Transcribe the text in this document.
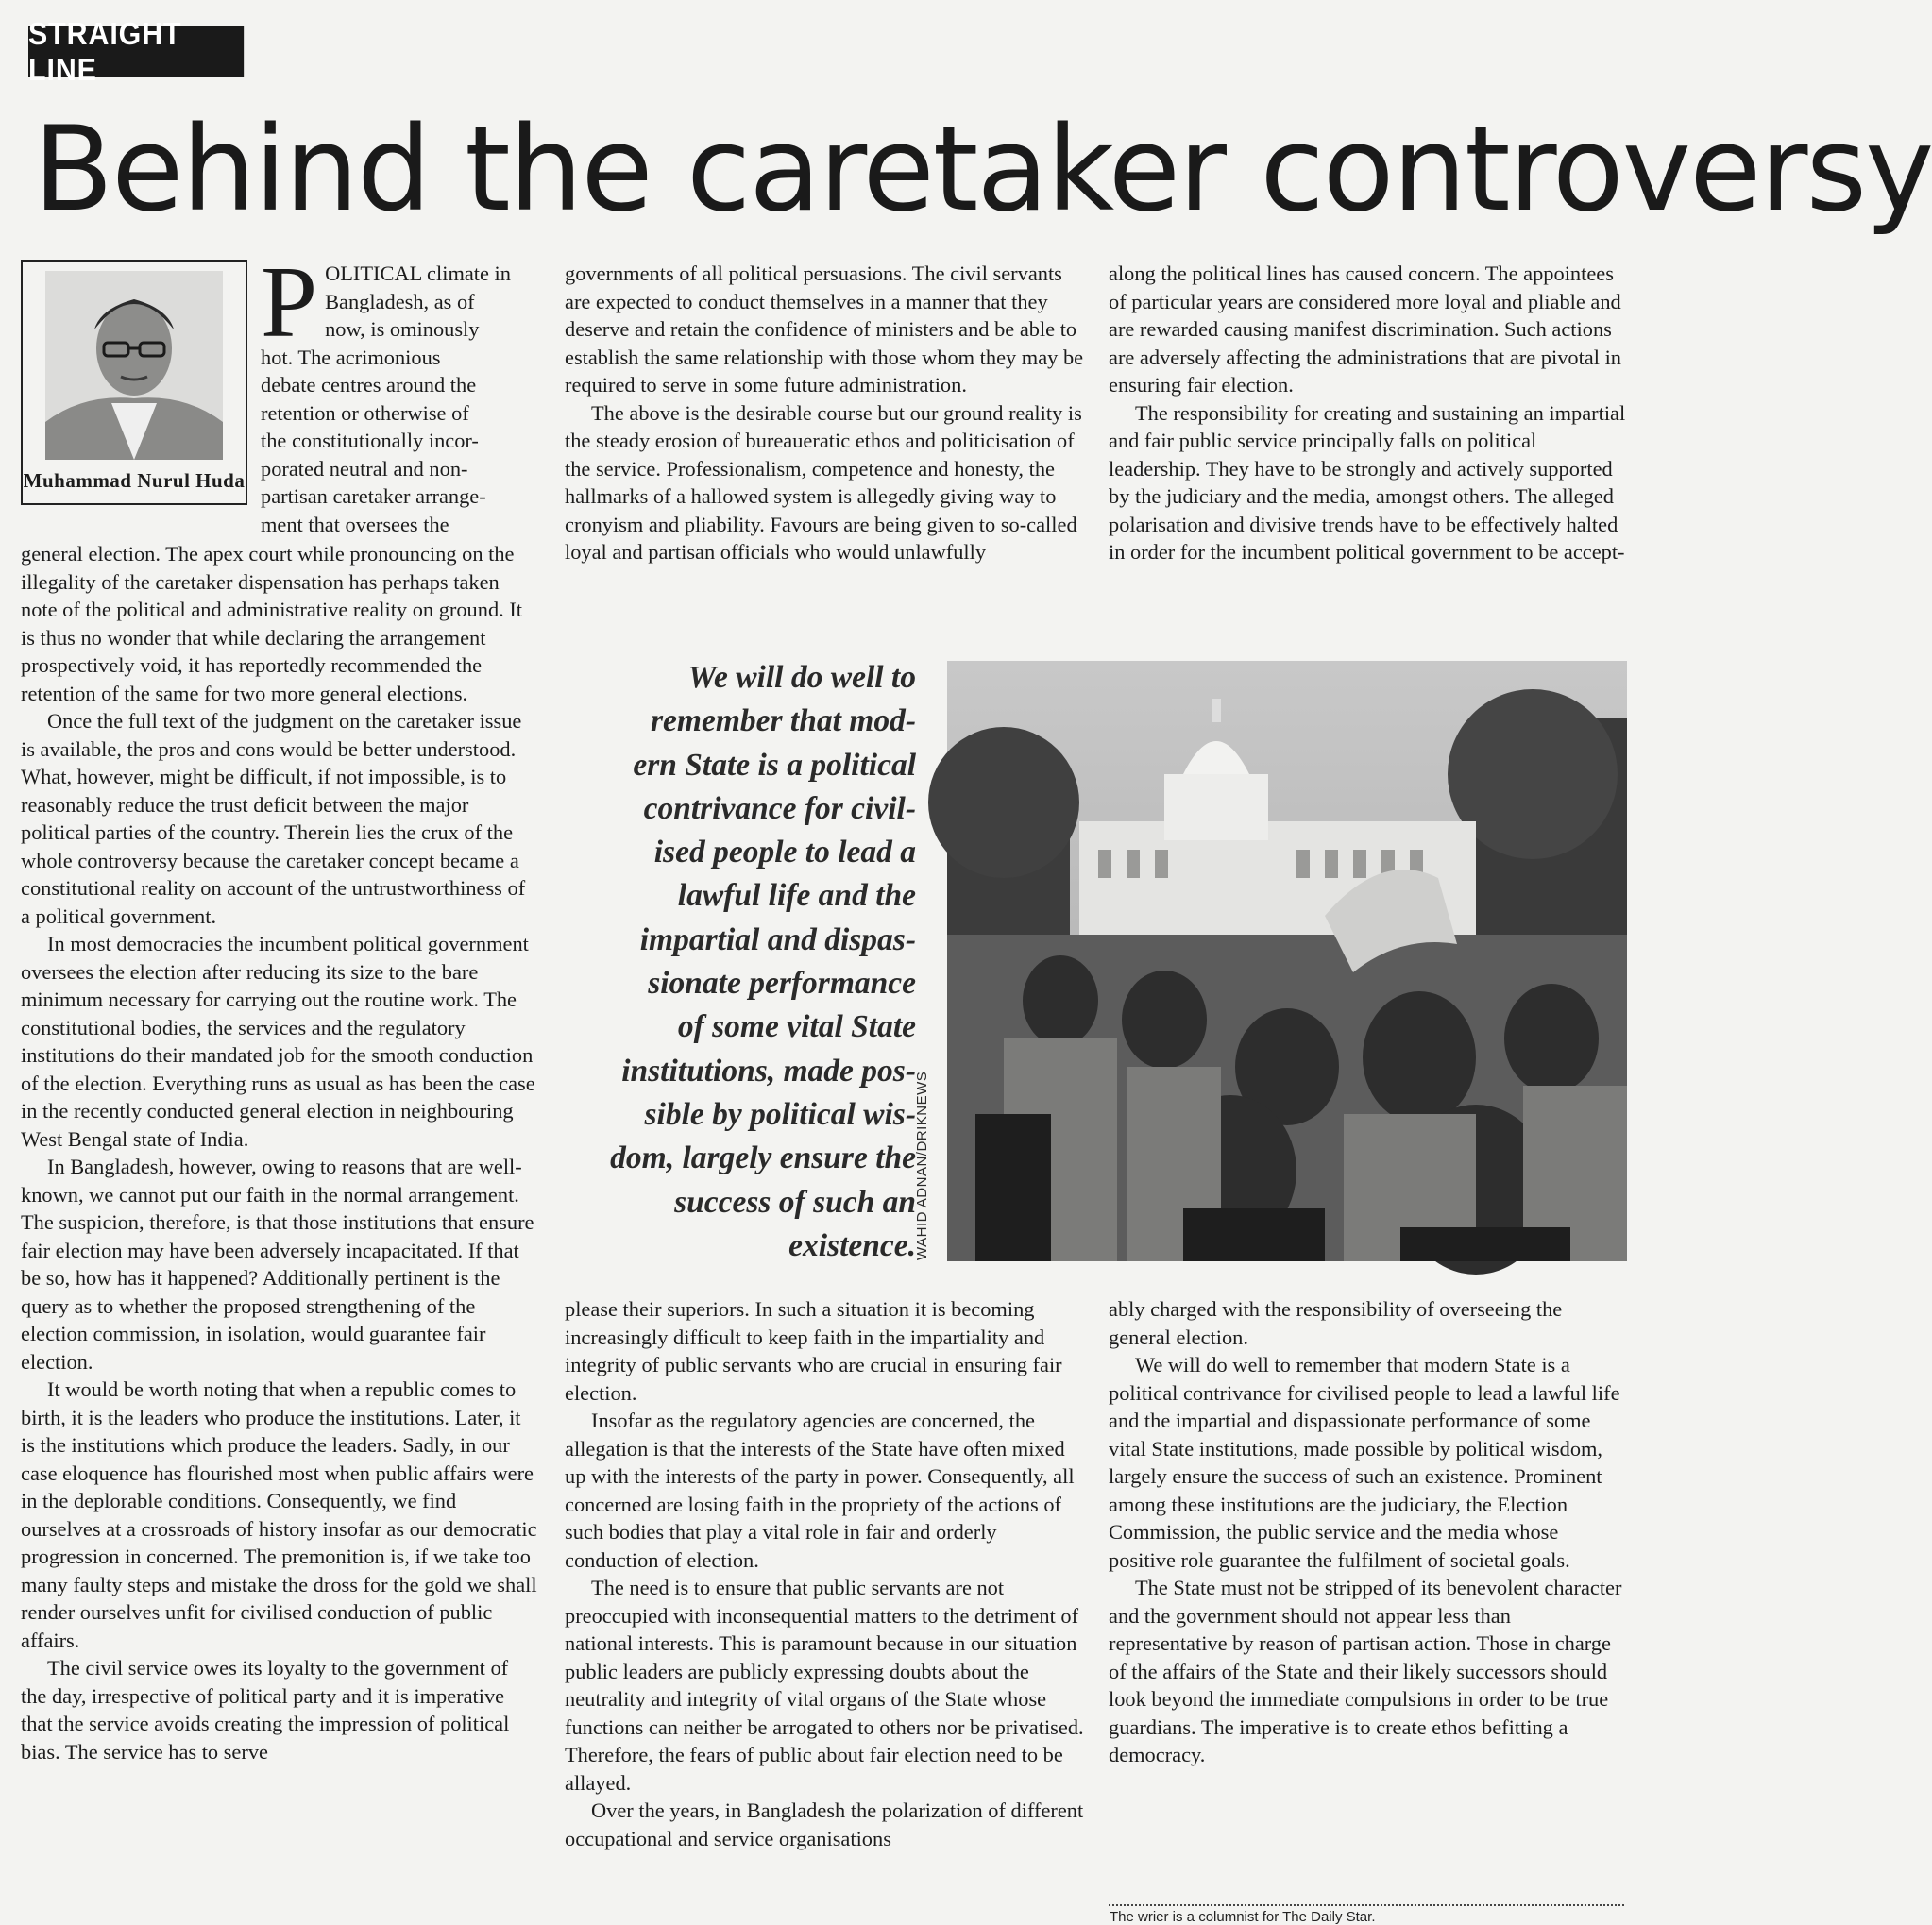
STRAIGHT LINE
Behind the caretaker controversy
Muhammad Nurul Huda
P OLITICAL climate in
Bangladesh, as of
now, is ominously
hot. The acrimonious
debate centres around the
retention or otherwise of
the constitutionally incor-
porated neutral and non-
partisan caretaker arrange-
ment that oversees the

general election. The apex court while pronouncing on the illegality of the caretaker dispensation has perhaps taken note of the political and administrative reality on ground. It is thus no wonder that while declaring the arrangement prospectively void, it has reportedly recommended the retention of the same for two more general elections.

Once the full text of the judgment on the caretaker issue is available, the pros and cons would be better understood. What, however, might be difficult, if not impossible, is to reasonably reduce the trust deficit between the major political parties of the country. Therein lies the crux of the whole controversy because the caretaker concept became a constitutional reality on account of the untrustworthiness of a political government.

In most democracies the incumbent political government oversees the election after reducing its size to the bare minimum necessary for carrying out the routine work. The constitutional bodies, the services and the regulatory institutions do their mandated job for the smooth conduction of the election. Everything runs as usual as has been the case in the recently conducted general election in neighbouring West Bengal state of India.

In Bangladesh, however, owing to reasons that are well-known, we cannot put our faith in the normal arrangement. The suspicion, therefore, is that those institutions that ensure fair election may have been adversely incapacitated. If that be so, how has it happened? Additionally pertinent is the query as to whether the proposed strengthening of the election commission, in isolation, would guarantee fair election.

It would be worth noting that when a republic comes to birth, it is the leaders who produce the institutions. Later, it is the institutions which produce the leaders. Sadly, in our case eloquence has flourished most when public affairs were in the deplorable conditions. Consequently, we find ourselves at a crossroads of history insofar as our democratic progression in concerned. The premonition is, if we take too many faulty steps and mistake the dross for the gold we shall render ourselves unfit for civilised conduction of public affairs.

The civil service owes its loyalty to the government of the day, irrespective of political party and it is imperative that the service avoids creating the impression of political bias. The service has to serve

governments of all political persuasions. The civil servants are expected to conduct themselves in a manner that they deserve and retain the confidence of ministers and be able to establish the same relationship with those whom they may be required to serve in some future administration.

The above is the desirable course but our ground reality is the steady erosion of bureaueratic ethos and politicisation of the service. Professionalism, competence and honesty, the hallmarks of a hallowed system is allegedly giving way to cronyism and pliability. Favours are being given to so-called loyal and partisan officials who would unlawfully

along the political lines has caused concern. The appointees of particular years are considered more loyal and pliable and are rewarded causing manifest discrimination. Such actions are adversely affecting the administrations that are pivotal in ensuring fair election.

The responsibility for creating and sustaining an impartial and fair public service principally falls on political leadership. They have to be strongly and actively supported by the judiciary and the media, amongst others. The alleged polarisation and divisive trends have to be effectively halted in order for the incumbent political government to be accept-

We will do well to
remember that mod-
ern State is a political
contrivance for civil-
ised people to lead a
lawful life and the
impartial and dispas-
sionate performance
of some vital State
institutions, made pos-
sible by political wis-
dom, largely ensure the
success of such an
existence.
WAHID ADNAN/DRIKNEWS

please their superiors. In such a situation it is becoming increasingly difficult to keep faith in the impartiality and integrity of public servants who are crucial in ensuring fair election.

Insofar as the regulatory agencies are concerned, the allegation is that the interests of the State have often mixed up with the interests of the party in power. Consequently, all concerned are losing faith in the propriety of the actions of such bodies that play a vital role in fair and orderly conduction of election.

The need is to ensure that public servants are not preoccupied with inconsequential matters to the detriment of national interests. This is paramount because in our situation public leaders are publicly expressing doubts about the neutrality and integrity of vital organs of the State whose functions can neither be arrogated to others nor be privatised. Therefore, the fears of public about fair election need to be allayed.

Over the years, in Bangladesh the polarization of different occupational and service organisations

ably charged with the responsibility of overseeing the general election.

We will do well to remember that modern State is a political contrivance for civilised people to lead a lawful life and the impartial and dispassionate performance of some vital State institutions, made possible by political wisdom, largely ensure the success of such an existence. Prominent among these institutions are the judiciary, the Election Commission, the public service and the media whose positive role guarantee the fulfilment of societal goals.

The State must not be stripped of its benevolent character and the government should not appear less than representative by reason of partisan action. Those in charge of the affairs of the State and their likely successors should look beyond the immediate compulsions in order to be true guardians. The imperative is to create ethos befitting a democracy.

The wrier is a columnist for The Daily Star.
